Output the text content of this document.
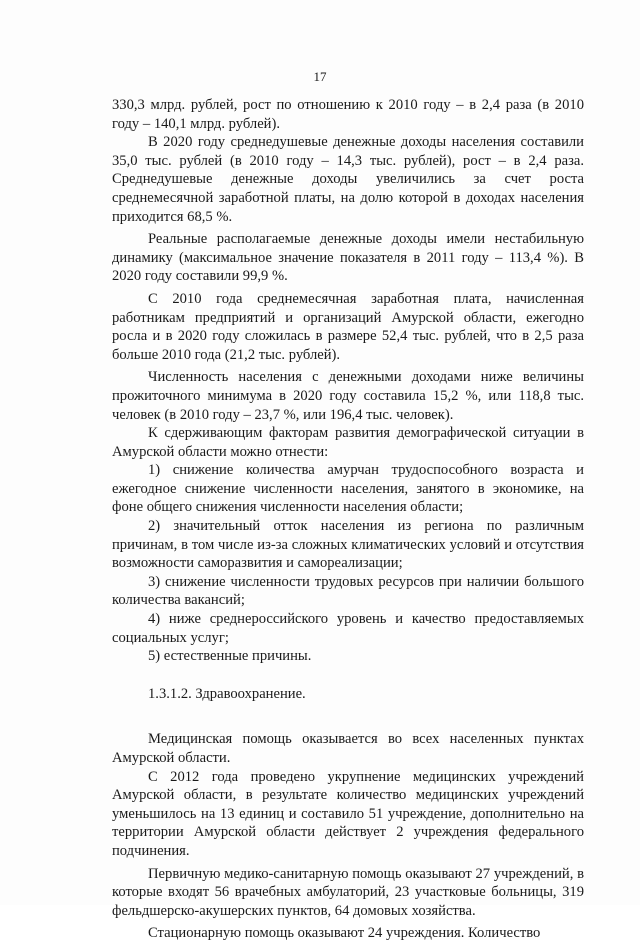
17

330,3 млрд. рублей, рост по отношению к 2010 году – в 2,4 раза (в 2010 году – 140,1 млрд. рублей).

В 2020 году среднедушевые денежные доходы населения составили 35,0 тыс. рублей (в 2010 году – 14,3 тыс. рублей), рост – в 2,4 раза. Среднедушевые денежные доходы увеличились за счет роста среднемесячной заработной платы, на долю которой в доходах населения приходится 68,5 %.

Реальные располагаемые денежные доходы имели нестабильную динамику (максимальное значение показателя в 2011 году – 113,4 %). В 2020 году составили 99,9 %.

С 2010 года среднемесячная заработная плата, начисленная работникам предприятий и организаций Амурской области, ежегодно росла и в 2020 году сложилась в размере 52,4 тыс. рублей, что в 2,5 раза больше 2010 года (21,2 тыс. рублей).

Численность населения с денежными доходами ниже величины прожиточного минимума в 2020 году составила 15,2 %, или 118,8 тыс. человек (в 2010 году – 23,7 %, или 196,4 тыс. человек).

К сдерживающим факторам развития демографической ситуации в Амурской области можно отнести:

1) снижение количества амурчан трудоспособного возраста и ежегодное снижение численности населения, занятого в экономике, на фоне общего снижения численности населения области;

2) значительный отток населения из региона по различным причинам, в том числе из-за сложных климатических условий и отсутствия возможности саморазвития и самореализации;

3) снижение численности трудовых ресурсов при наличии большого количества вакансий;

4) ниже среднероссийского уровень и качество предоставляемых социальных услуг;

5) естественные причины.

1.3.1.2. Здравоохранение.

Медицинская помощь оказывается во всех населенных пунктах Амурской области.

С 2012 года проведено укрупнение медицинских учреждений Амурской области, в результате количество медицинских учреждений уменьшилось на 13 единиц и составило 51 учреждение, дополнительно на территории Амурской области действует 2 учреждения федерального подчинения.

Первичную медико-санитарную помощь оказывают 27 учреждений, в которые входят 56 врачебных амбулаторий, 23 участковые больницы, 319 фельдшерско-акушерских пунктов, 64 домовых хозяйства.

Стационарную помощь оказывают 24 учреждения. Количество
